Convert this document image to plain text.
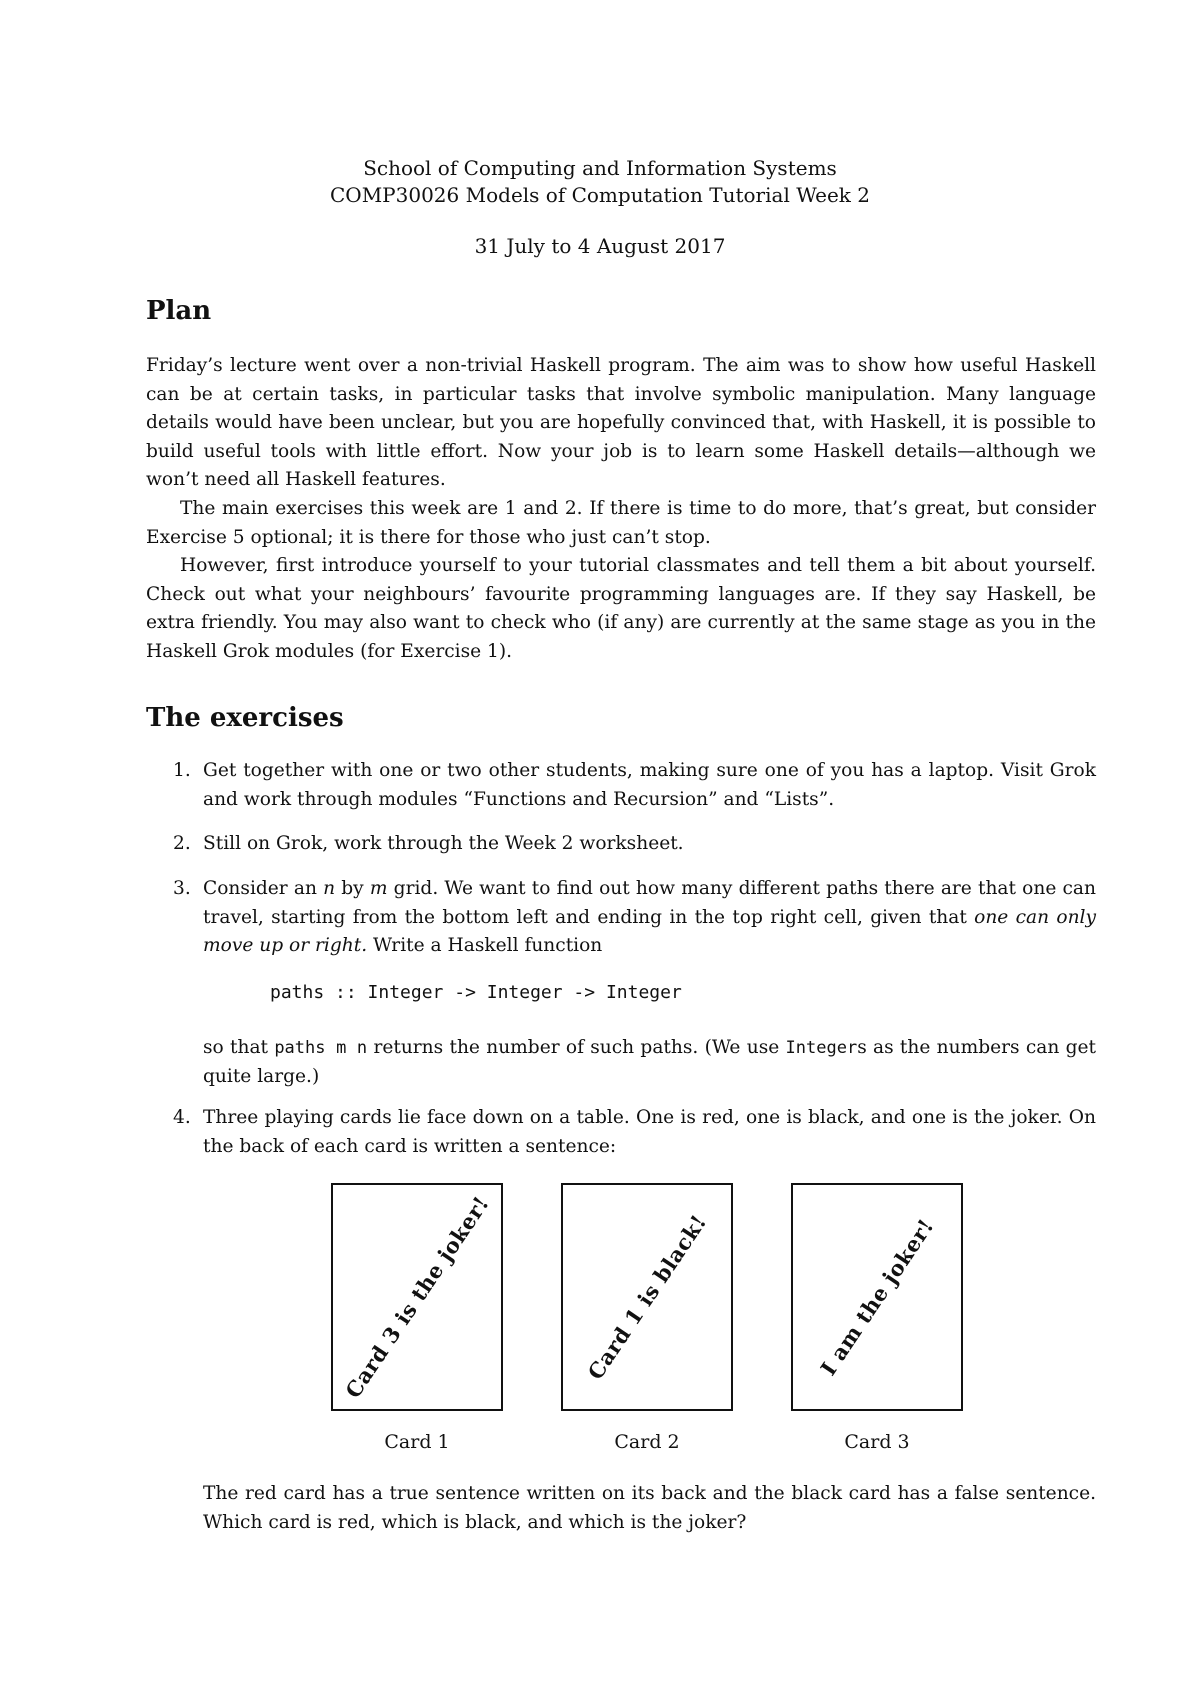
School of Computing and Information Systems
COMP30026 Models of Computation Tutorial Week 2
31 July to 4 August 2017
Plan
Friday’s lecture went over a non-trivial Haskell program. The aim was to show how useful Haskell can be at certain tasks, in particular tasks that involve symbolic manipulation. Many language details would have been unclear, but you are hopefully convinced that, with Haskell, it is possible to build useful tools with little effort. Now your job is to learn some Haskell details—although we won’t need all Haskell features.
The main exercises this week are 1 and 2. If there is time to do more, that’s great, but consider Exercise 5 optional; it is there for those who just can’t stop.
However, first introduce yourself to your tutorial classmates and tell them a bit about yourself. Check out what your neighbours’ favourite programming languages are. If they say Haskell, be extra friendly. You may also want to check who (if any) are currently at the same stage as you in the Haskell Grok modules (for Exercise 1).
The exercises
1. Get together with one or two other students, making sure one of you has a laptop. Visit Grok and work through modules “Functions and Recursion” and “Lists”.
2. Still on Grok, work through the Week 2 worksheet.
3. Consider an n by m grid. We want to find out how many different paths there are that one can travel, starting from the bottom left and ending in the top right cell, given that one can only move up or right. Write a Haskell function
paths :: Integer -> Integer -> Integer
so that paths m n returns the number of such paths. (We use Integers as the numbers can get quite large.)
4. Three playing cards lie face down on a table. One is red, one is black, and one is the joker. On the back of each card is written a sentence:
Card 3 is the joker!	Card 1 is black!	I am the joker!
Card 1	Card 2	Card 3
The red card has a true sentence written on its back and the black card has a false sentence. Which card is red, which is black, and which is the joker?
